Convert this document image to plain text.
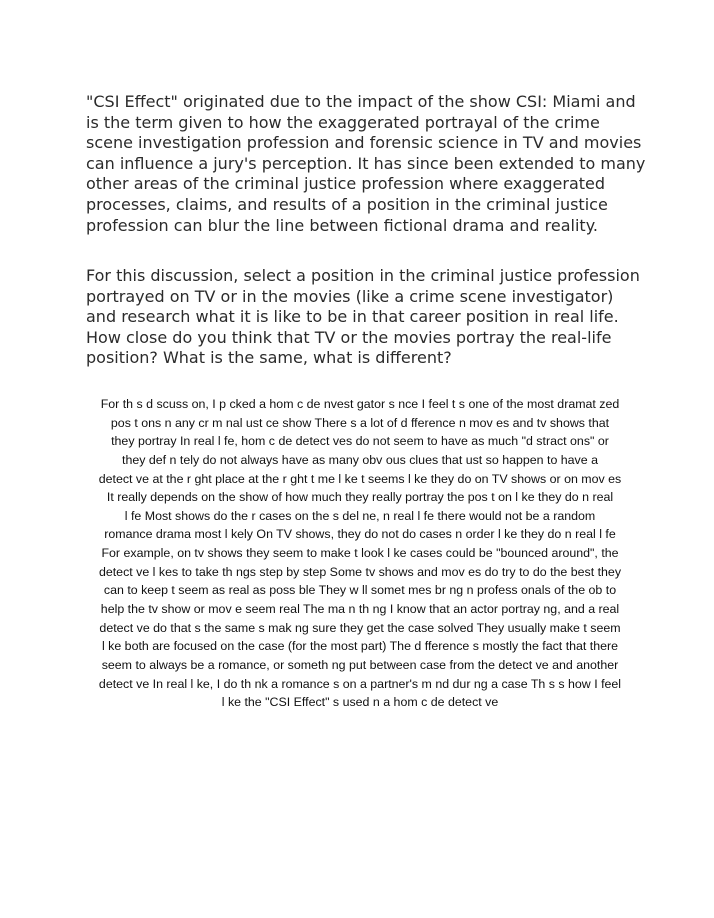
"CSI Effect" originated due to the impact of the show CSI: Miami and is the term given to how the exaggerated portrayal of the crime scene investigation profession and forensic science in TV and movies can influence a jury's perception. It has since been extended to many other areas of the criminal justice profession where exaggerated processes, claims, and results of a position in the criminal justice profession can blur the line between fictional drama and reality.

For this discussion, select a position in the criminal justice profession portrayed on TV or in the movies (like a crime scene investigator) and research what it is like to be in that career position in real life. How close do you think that TV or the movies portray the real-life position? What is the same, what is different?

For th s d scuss on, I p cked a hom c de nvest gator s nce I feel t s one of the most dramat zed
pos t ons n any cr m nal ust ce show There s a lot of d fference n mov es and tv shows that
they portray In real l fe, hom c de detect ves do not seem to have as much "d stract ons" or
they def n tely do not always have as many obv ous clues that ust so happen to have a
detect ve at the r ght place at the r ght t me l ke t seems l ke they do on TV shows or on mov es
It really depends on the show of how much they really portray the pos t on l ke they do n real
l fe Most shows do the r cases on the s del ne, n real l fe there would not be a random
romance drama most l kely On TV shows, they do not do cases n order l ke they do n real l fe
For example, on tv shows they seem to make t look l ke cases could be "bounced around", the
detect ve l kes to take th ngs step by step Some tv shows and mov es do try to do the best they
can to keep t seem as real as poss ble They w ll somet mes br ng n profess onals of the ob to
help the tv show or mov e seem real The ma n th ng I know that an actor portray ng, and a real
detect ve do that s the same s mak ng sure they get the case solved They usually make t seem
l ke both are focused on the case (for the most part) The d fference s mostly the fact that there
seem to always be a romance, or someth ng put between case from the detect ve and another
detect ve In real l ke, I do th nk a romance s on a partner's m nd dur ng a case Th s s how I feel
l ke the "CSI Effect" s used n a hom c de detect ve
